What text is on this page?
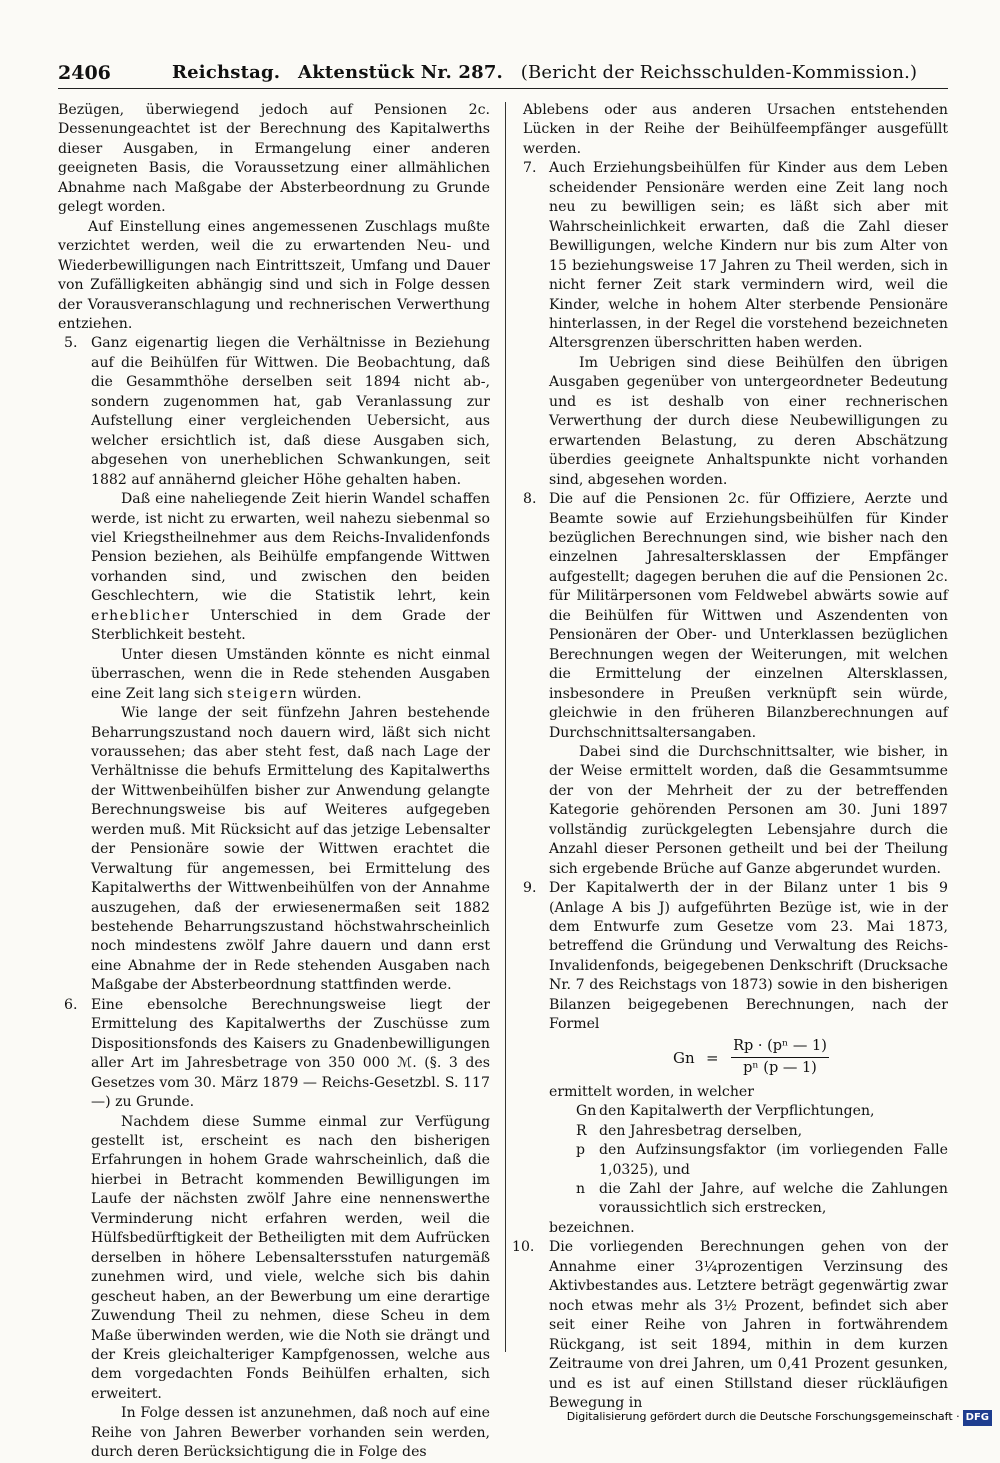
2406	Reichstag. Aktenstück Nr. 287. (Bericht der Reichsschulden-Kommission.)

Bezügen, überwiegend jedoch auf Pensionen 2c. Dessenungeachtet ist der Berechnung des Kapitalwerths dieser Ausgaben, in Ermangelung einer anderen geeigneten Basis, die Voraussetzung einer allmählichen Abnahme nach Maßgabe der Absterbeordnung zu Grunde gelegt worden.

Auf Einstellung eines angemessenen Zuschlags mußte verzichtet werden, weil die zu erwartenden Neu- und Wiederbewilligungen nach Eintrittszeit, Umfang und Dauer von Zufälligkeiten abhängig sind und sich in Folge dessen der Vorausveranschlagung und rechnerischen Verwerthung entziehen.

5. Ganz eigenartig liegen die Verhältnisse in Beziehung auf die Beihülfen für Wittwen. Die Beobachtung, daß die Gesammthöhe derselben seit 1894 nicht ab-, sondern zugenommen hat, gab Veranlassung zur Aufstellung einer vergleichenden Uebersicht, aus welcher ersichtlich ist, daß diese Ausgaben sich, abgesehen von unerheblichen Schwankungen, seit 1882 auf annähernd gleicher Höhe gehalten haben.

Daß eine naheliegende Zeit hierin Wandel schaffen werde, ist nicht zu erwarten, weil nahezu siebenmal so viel Kriegstheilnehmer aus dem Reichs-Invalidenfonds Pension beziehen, als Beihülfe empfangende Wittwen vorhanden sind, und zwischen den beiden Geschlechtern, wie die Statistik lehrt, kein erheblicher Unterschied in dem Grade der Sterblichkeit besteht.

Unter diesen Umständen könnte es nicht einmal überraschen, wenn die in Rede stehenden Ausgaben eine Zeit lang sich steigern würden.

Wie lange der seit fünfzehn Jahren bestehende Beharrungszustand noch dauern wird, läßt sich nicht voraussehen; das aber steht fest, daß nach Lage der Verhältnisse die behufs Ermittelung des Kapitalwerths der Wittwenbeihülfen bisher zur Anwendung gelangte Berechnungsweise bis auf Weiteres aufgegeben werden muß. Mit Rücksicht auf das jetzige Lebensalter der Pensionäre sowie der Wittwen erachtet die Verwaltung für angemessen, bei Ermittelung des Kapitalwerths der Wittwenbeihülfen von der Annahme auszugehen, daß der erwiesenermaßen seit 1882 bestehende Beharrungszustand höchstwahrscheinlich noch mindestens zwölf Jahre dauern und dann erst eine Abnahme der in Rede stehenden Ausgaben nach Maßgabe der Absterbeordnung stattfinden werde.

6. Eine ebensolche Berechnungsweise liegt der Ermittelung des Kapitalwerths der Zuschüsse zum Dispositionsfonds des Kaisers zu Gnadenbewilligungen aller Art im Jahresbetrage von 350 000 ℳ. (§. 3 des Gesetzes vom 30. März 1879 — Reichs-Gesetzbl. S. 117 —) zu Grunde.

Nachdem diese Summe einmal zur Verfügung gestellt ist, erscheint es nach den bisherigen Erfahrungen in hohem Grade wahrscheinlich, daß die hierbei in Betracht kommenden Bewilligungen im Laufe der nächsten zwölf Jahre eine nennenswerthe Verminderung nicht erfahren werden, weil die Hülfsbedürftigkeit der Betheiligten mit dem Aufrücken derselben in höhere Lebensaltersstufen naturgemäß zunehmen wird, und viele, welche sich bis dahin gescheut haben, an der Bewerbung um eine derartige Zuwendung Theil zu nehmen, diese Scheu in dem Maße überwinden werden, wie die Noth sie drängt und der Kreis gleichalteriger Kampfgenossen, welche aus dem vorgedachten Fonds Beihülfen erhalten, sich erweitert.

In Folge dessen ist anzunehmen, daß noch auf eine Reihe von Jahren Bewerber vorhanden sein werden, durch deren Berücksichtigung die in Folge des

Ablebens oder aus anderen Ursachen entstehenden Lücken in der Reihe der Beihülfeempfänger ausgefüllt werden.

7. Auch Erziehungsbeihülfen für Kinder aus dem Leben scheidender Pensionäre werden eine Zeit lang noch neu zu bewilligen sein; es läßt sich aber mit Wahrscheinlichkeit erwarten, daß die Zahl dieser Bewilligungen, welche Kindern nur bis zum Alter von 15 beziehungsweise 17 Jahren zu Theil werden, sich in nicht ferner Zeit stark vermindern wird, weil die Kinder, welche in hohem Alter sterbende Pensionäre hinterlassen, in der Regel die vorstehend bezeichneten Altersgrenzen überschritten haben werden.

Im Uebrigen sind diese Beihülfen den übrigen Ausgaben gegenüber von untergeordneter Bedeutung und es ist deshalb von einer rechnerischen Verwerthung der durch diese Neubewilligungen zu erwartenden Belastung, zu deren Abschätzung überdies geeignete Anhaltspunkte nicht vorhanden sind, abgesehen worden.

8. Die auf die Pensionen 2c. für Offiziere, Aerzte und Beamte sowie auf Erziehungsbeihülfen für Kinder bezüglichen Berechnungen sind, wie bisher nach den einzelnen Jahresaltersklassen der Empfänger aufgestellt; dagegen beruhen die auf die Pensionen 2c. für Militärpersonen vom Feldwebel abwärts sowie auf die Beihülfen für Wittwen und Aszendenten von Pensionären der Ober- und Unterklassen bezüglichen Berechnungen wegen der Weiterungen, mit welchen die Ermittelung der einzelnen Altersklassen, insbesondere in Preußen verknüpft sein würde, gleichwie in den früheren Bilanzberechnungen auf Durchschnittsaltersangaben.

Dabei sind die Durchschnittsalter, wie bisher, in der Weise ermittelt worden, daß die Gesammtsumme der von der Mehrheit der zu der betreffenden Kategorie gehörenden Personen am 30. Juni 1897 vollständig zurückgelegten Lebensjahre durch die Anzahl dieser Personen getheilt und bei der Theilung sich ergebende Brüche auf Ganze abgerundet wurden.

9. Der Kapitalwerth der in der Bilanz unter 1 bis 9 (Anlage A bis J) aufgeführten Bezüge ist, wie in der dem Entwurfe zum Gesetze vom 23. Mai 1873, betreffend die Gründung und Verwaltung des Reichs-Invalidenfonds, beigegebenen Denkschrift (Drucksache Nr. 7 des Reichstags von 1873) sowie in den bisherigen Bilanzen beigegebenen Berechnungen, nach der Formel

Gn =
Rp · (pⁿ — 1)
pⁿ (p — 1)

ermittelt worden, in welcher

Gn den Kapitalwerth der Verpflichtungen,
R den Jahresbetrag derselben,
p den Aufzinsungsfaktor (im vorliegenden Falle 1,0325), und
n die Zahl der Jahre, auf welche die Zahlungen voraussichtlich sich erstrecken,

bezeichnen.

10. Die vorliegenden Berechnungen gehen von der Annahme einer 3¼prozentigen Verzinsung des Aktivbestandes aus. Letztere beträgt gegenwärtig zwar noch etwas mehr als 3½ Prozent, befindet sich aber seit einer Reihe von Jahren in fortwährendem Rückgang, ist seit 1894, mithin in dem kurzen Zeitraume von drei Jahren, um 0,41 Prozent gesunken, und es ist auf einen Stillstand dieser rückläufigen Bewegung in

Digitalisierung gefördert durch die Deutsche Forschungsgemeinschaft · DFG
